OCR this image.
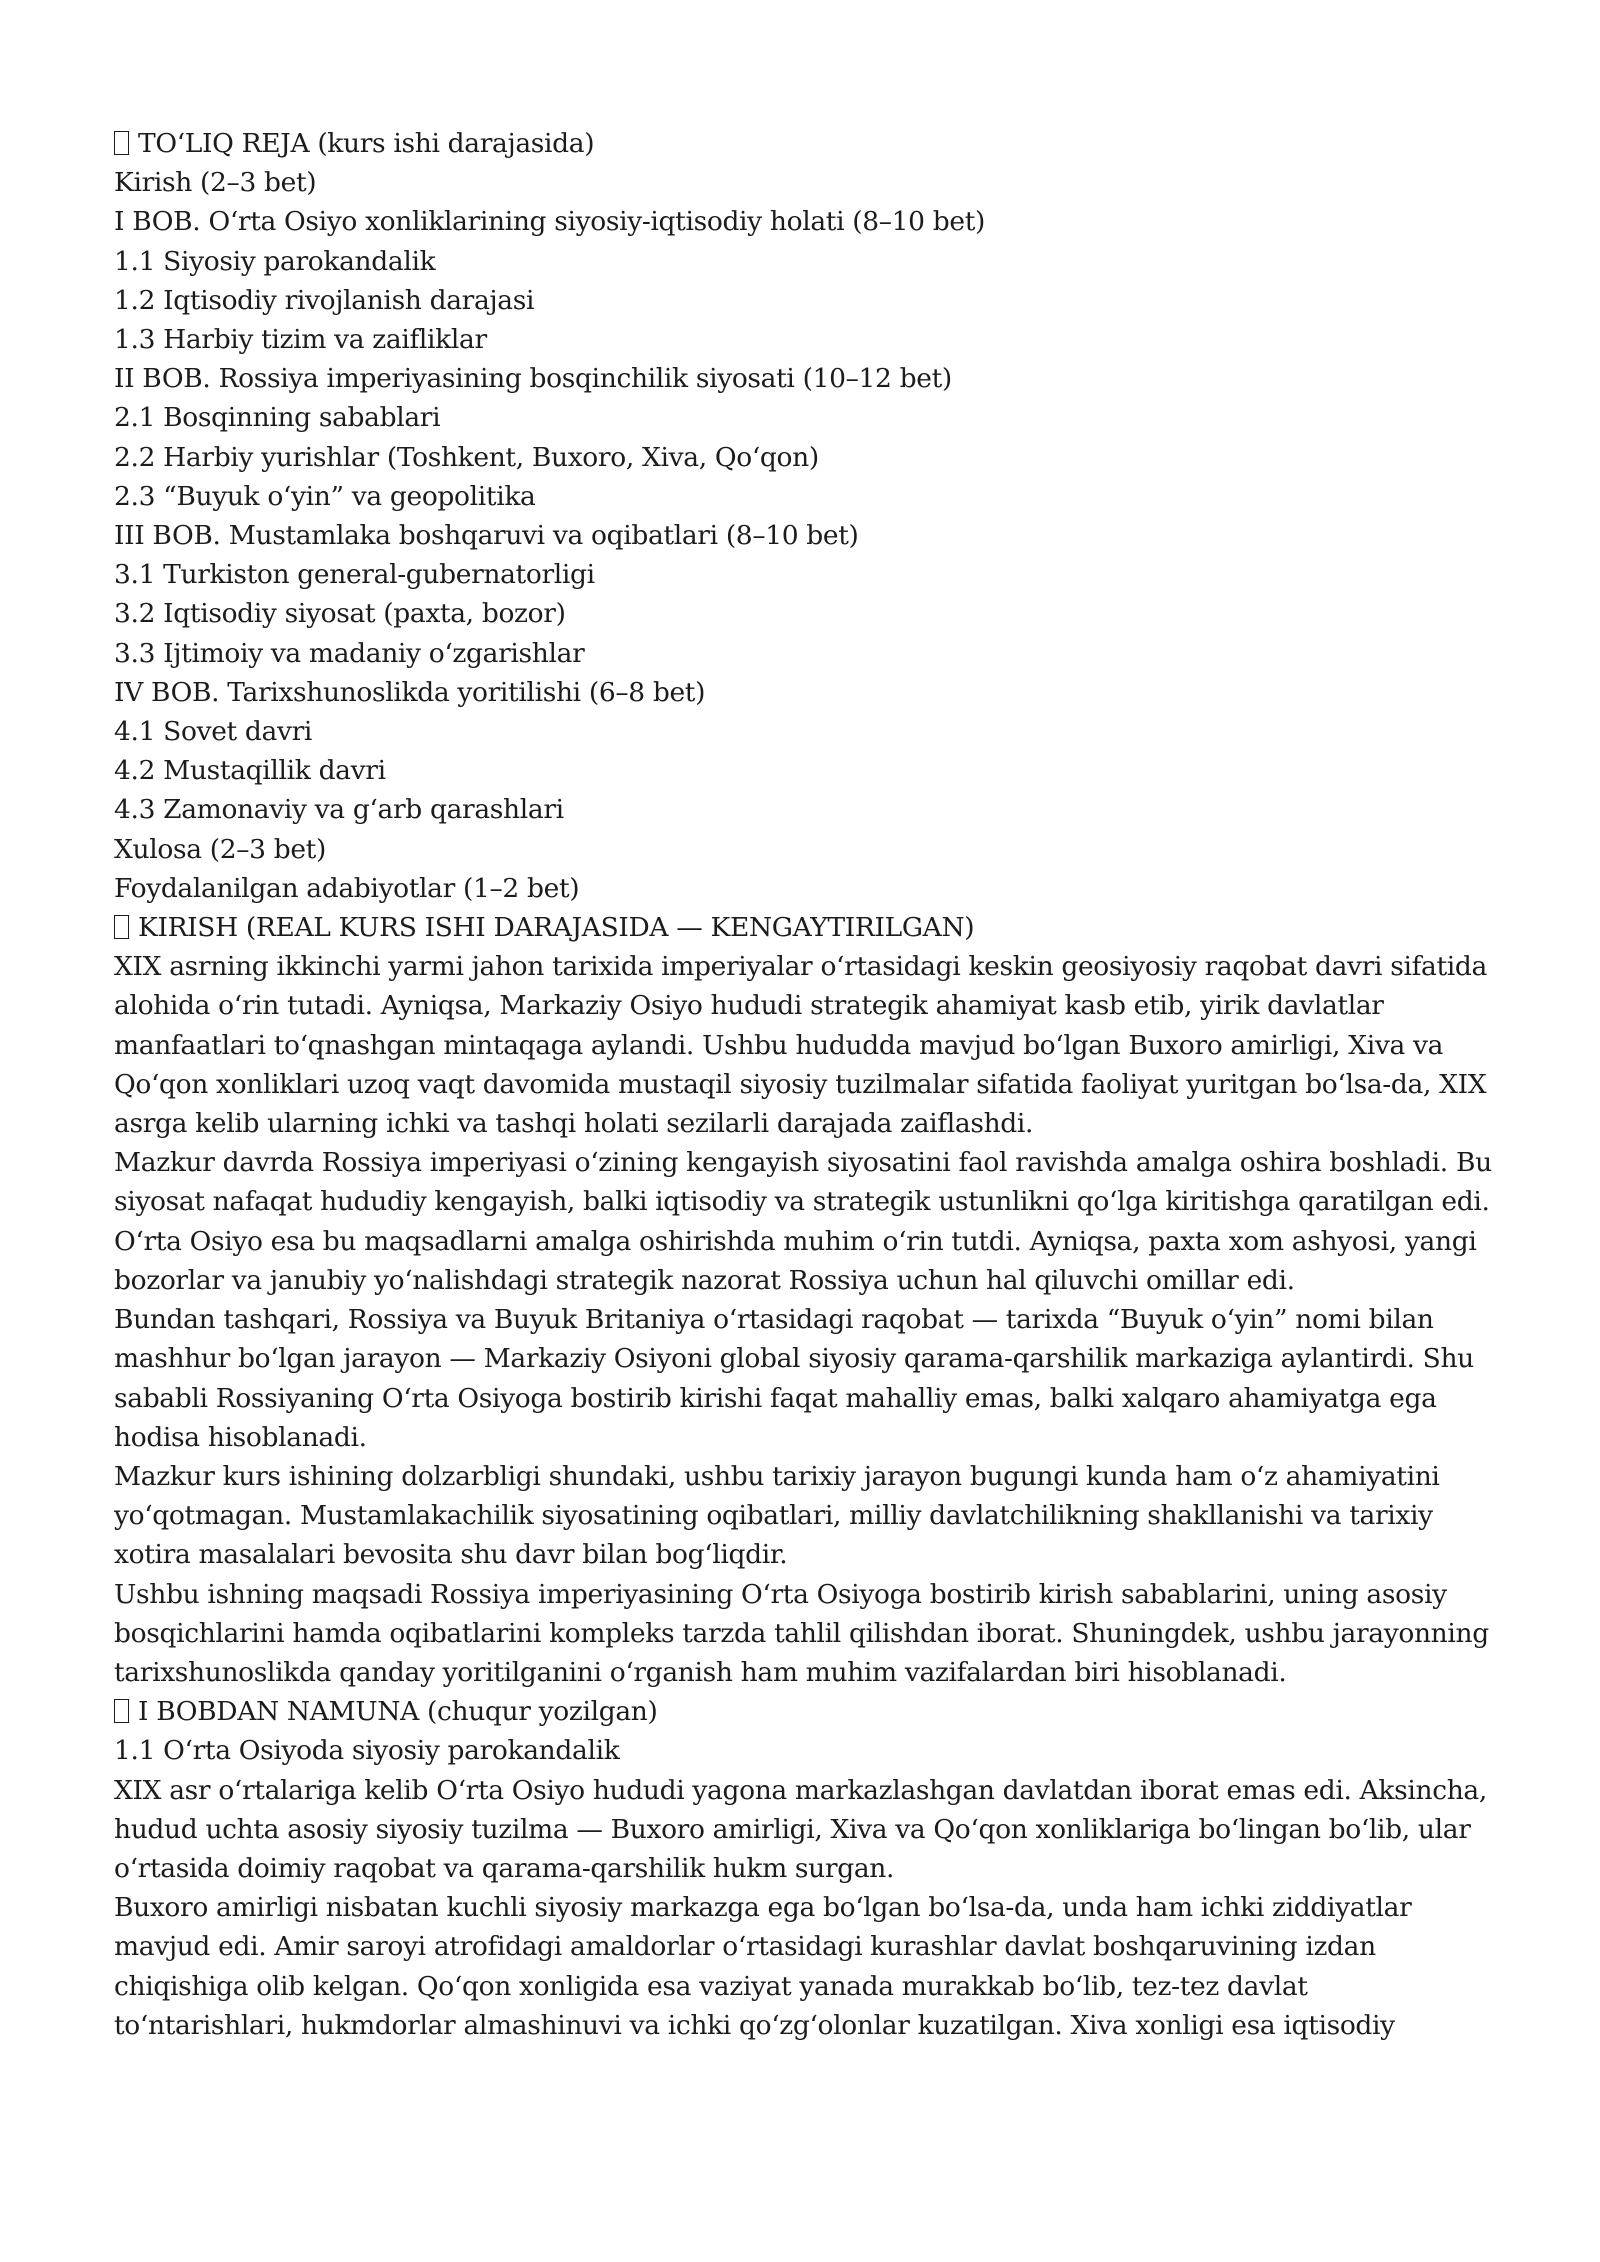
TO‘LIQ REJA (kurs ishi darajasida)

Kirish (2–3 bet)

I BOB. O‘rta Osiyo xonliklarining siyosiy-iqtisodiy holati (8–10 bet)

1.1 Siyosiy parokandalik

1.2 Iqtisodiy rivojlanish darajasi

1.3 Harbiy tizim va zaifliklar

II BOB. Rossiya imperiyasining bosqinchilik siyosati (10–12 bet)

2.1 Bosqinning sabablari

2.2 Harbiy yurishlar (Toshkent, Buxoro, Xiva, Qo‘qon)

2.3 “Buyuk o‘yin” va geopolitika

III BOB. Mustamlaka boshqaruvi va oqibatlari (8–10 bet)

3.1 Turkiston general-gubernatorligi

3.2 Iqtisodiy siyosat (paxta, bozor)

3.3 Ijtimoiy va madaniy o‘zgarishlar

IV BOB. Tarixshunoslikda yoritilishi (6–8 bet)

4.1 Sovet davri

4.2 Mustaqillik davri

4.3 Zamonaviy va g‘arb qarashlari

Xulosa (2–3 bet)

Foydalanilgan adabiyotlar (1–2 bet)

KIRISH (REAL KURS ISHI DARAJASIDA — KENGAYTIRILGAN)

XIX asrning ikkinchi yarmi jahon tarixida imperiyalar o‘rtasidagi keskin geosiyosiy raqobat davri sifatida alohida o‘rin tutadi. Ayniqsa, Markaziy Osiyo hududi strategik ahamiyat kasb etib, yirik davlatlar manfaatlari to‘qnashgan mintaqaga aylandi. Ushbu hududda mavjud bo‘lgan Buxoro amirligi, Xiva va Qo‘qon xonliklari uzoq vaqt davomida mustaqil siyosiy tuzilmalar sifatida faoliyat yuritgan bo‘lsa-da, XIX asrga kelib ularning ichki va tashqi holati sezilarli darajada zaiflashdi.

Mazkur davrda Rossiya imperiyasi o‘zining kengayish siyosatini faol ravishda amalga oshira boshladi. Bu siyosat nafaqat hududiy kengayish, balki iqtisodiy va strategik ustunlikni qo‘lga kiritishga qaratilgan edi. O‘rta Osiyo esa bu maqsadlarni amalga oshirishda muhim o‘rin tutdi. Ayniqsa, paxta xom ashyosi, yangi bozorlar va janubiy yo‘nalishdagi strategik nazorat Rossiya uchun hal qiluvchi omillar edi.

Bundan tashqari, Rossiya va Buyuk Britaniya o‘rtasidagi raqobat — tarixda “Buyuk o‘yin” nomi bilan mashhur bo‘lgan jarayon — Markaziy Osiyoni global siyosiy qarama-qarshilik markaziga aylantirdi. Shu sababli Rossiyaning O‘rta Osiyoga bostirib kirishi faqat mahalliy emas, balki xalqaro ahamiyatga ega hodisa hisoblanadi.

Mazkur kurs ishining dolzarbligi shundaki, ushbu tarixiy jarayon bugungi kunda ham o‘z ahamiyatini yo‘qotmagan. Mustamlakachilik siyosatining oqibatlari, milliy davlatchilikning shakllanishi va tarixiy xotira masalalari bevosita shu davr bilan bog‘liqdir.

Ushbu ishning maqsadi Rossiya imperiyasining O‘rta Osiyoga bostirib kirish sabablarini, uning asosiy bosqichlarini hamda oqibatlarini kompleks tarzda tahlil qilishdan iborat. Shuningdek, ushbu jarayonning tarixshunoslikda qanday yoritilganini o‘rganish ham muhim vazifalardan biri hisoblanadi.

I BOBDAN NAMUNA (chuqur yozilgan)

1.1 O‘rta Osiyoda siyosiy parokandalik

XIX asr o‘rtalariga kelib O‘rta Osiyo hududi yagona markazlashgan davlatdan iborat emas edi. Aksincha, hudud uchta asosiy siyosiy tuzilma — Buxoro amirligi, Xiva va Qo‘qon xonliklariga bo‘lingan bo‘lib, ular o‘rtasida doimiy raqobat va qarama-qarshilik hukm surgan.

Buxoro amirligi nisbatan kuchli siyosiy markazga ega bo‘lgan bo‘lsa-da, unda ham ichki ziddiyatlar mavjud edi. Amir saroyi atrofidagi amaldorlar o‘rtasidagi kurashlar davlat boshqaruvining izdan chiqishiga olib kelgan. Qo‘qon xonligida esa vaziyat yanada murakkab bo‘lib, tez-tez davlat to‘ntarishlari, hukmdorlar almashinuvi va ichki qo‘zg‘olonlar kuzatilgan. Xiva xonligi esa iqtisodiy
